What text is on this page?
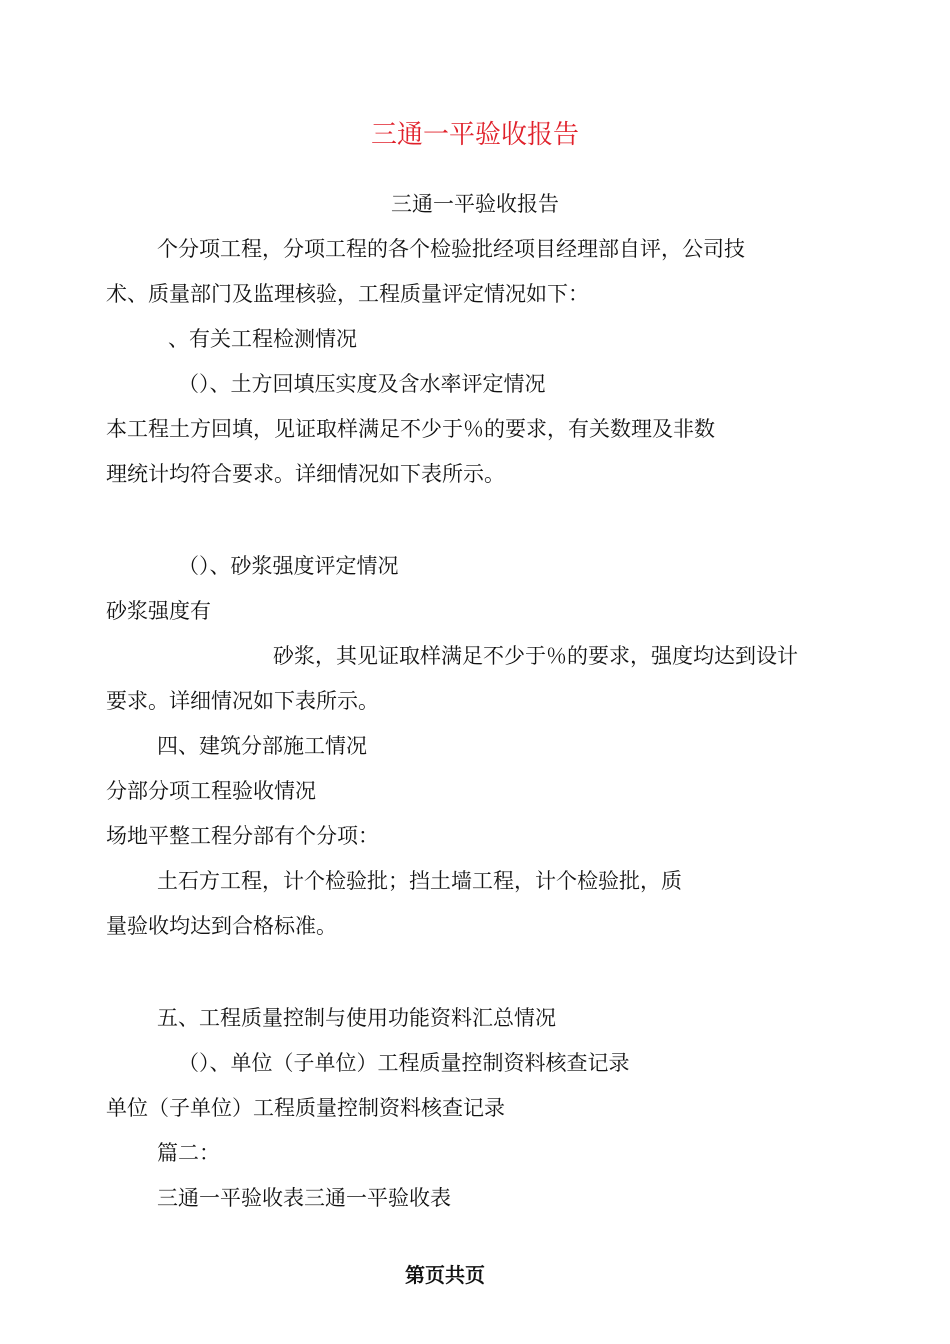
三通一平验收报告
三通一平验收报告
个分项工程，分项工程的各个检验批经项目经理部自评，公司技
术、质量部门及监理核验，工程质量评定情况如下：
、有关工程检测情况
（）、土方回填压实度及含水率评定情况
本工程土方回填，见证取样满足不少于％的要求，有关数理及非数
理统计均符合要求。详细情况如下表所示。
（）、砂浆强度评定情况
砂浆强度有
砂浆，其见证取样满足不少于％的要求，强度均达到设计
要求。详细情况如下表所示。
四、建筑分部施工情况
分部分项工程验收情况
场地平整工程分部有个分项：
土石方工程，计个检验批；挡土墙工程，计个检验批，质
量验收均达到合格标准。
五、工程质量控制与使用功能资料汇总情况
（）、单位（子单位）工程质量控制资料核查记录
单位（子单位）工程质量控制资料核查记录
篇二：
三通一平验收表三通一平验收表
第页共页
